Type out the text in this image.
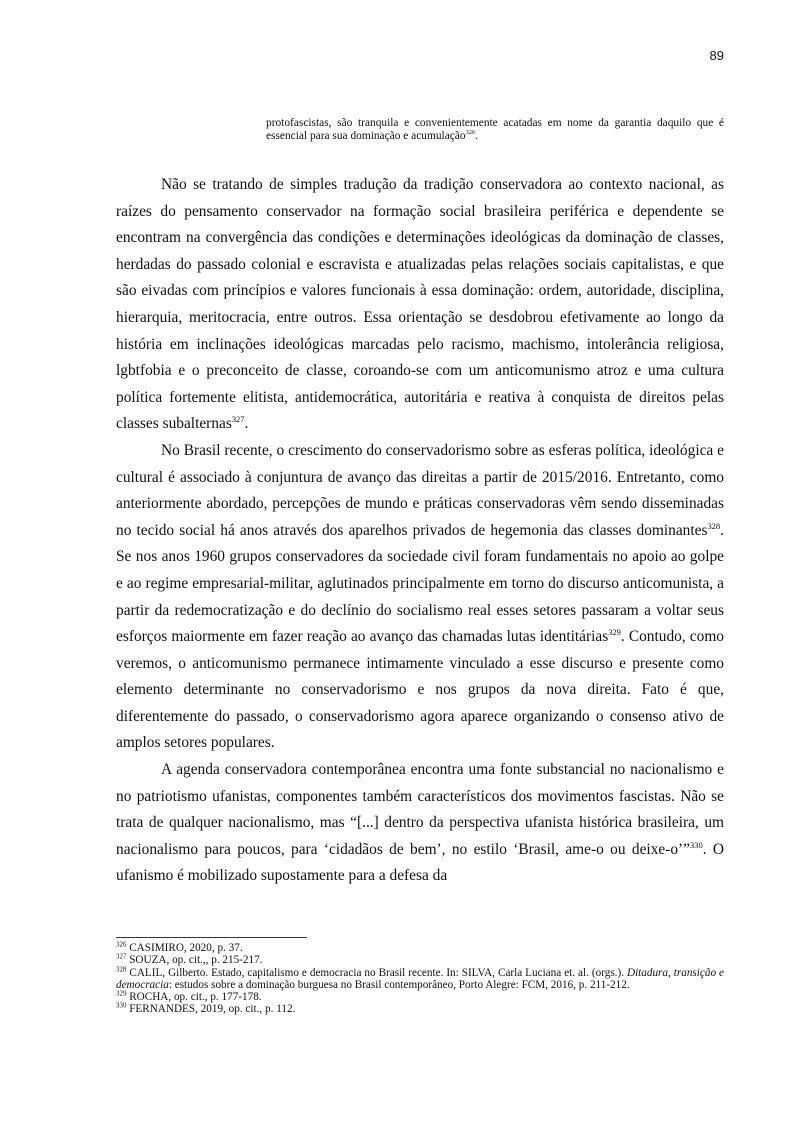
89
protofascistas, são tranquila e convenientemente acatadas em nome da garantia daquilo que é essencial para sua dominação e acumulação$^{326}$.

Não se tratando de simples tradução da tradição conservadora ao contexto nacional, as raízes do pensamento conservador na formação social brasileira periférica e dependente se encontram na convergência das condições e determinações ideológicas da dominação de classes, herdadas do passado colonial e escravista e atualizadas pelas relações sociais capitalistas, e que são eivadas com princípios e valores funcionais à essa dominação: ordem, autoridade, disciplina, hierarquia, meritocracia, entre outros. Essa orientação se desdobrou efetivamente ao longo da história em inclinações ideológicas marcadas pelo racismo, machismo, intolerância religiosa, lgbtfobia e o preconceito de classe, coroando-se com um anticomunismo atroz e uma cultura política fortemente elitista, antidemocrática, autoritária e reativa à conquista de direitos pelas classes subalternas$^{327}$.

No Brasil recente, o crescimento do conservadorismo sobre as esferas política, ideológica e cultural é associado à conjuntura de avanço das direitas a partir de 2015/2016. Entretanto, como anteriormente abordado, percepções de mundo e práticas conservadoras vêm sendo disseminadas no tecido social há anos através dos aparelhos privados de hegemonia das classes dominantes$^{328}$. Se nos anos 1960 grupos conservadores da sociedade civil foram fundamentais no apoio ao golpe e ao regime empresarial-militar, aglutinados principalmente em torno do discurso anticomunista, a partir da redemocratização e do declínio do socialismo real esses setores passaram a voltar seus esforços maiormente em fazer reação ao avanço das chamadas lutas identitárias$^{329}$. Contudo, como veremos, o anticomunismo permanece intimamente vinculado a esse discurso e presente como elemento determinante no conservadorismo e nos grupos da nova direita. Fato é que, diferentemente do passado, o conservadorismo agora aparece organizando o consenso ativo de amplos setores populares.

A agenda conservadora contemporânea encontra uma fonte substancial no nacionalismo e no patriotismo ufanistas, componentes também característicos dos movimentos fascistas. Não se trata de qualquer nacionalismo, mas “[...] dentro da perspectiva ufanista histórica brasileira, um nacionalismo para poucos, para ‘cidadãos de bem’, no estilo ‘Brasil, ame-o ou deixe-o’”$^{330}$. O ufanismo é mobilizado supostamente para a defesa da

$^{326}$ CASIMIRO, 2020, p. 37.

$^{327}$ SOUZA, op. cit.,, p. 215-217.

$^{328}$ CALIL, Gilberto. Estado, capitalismo e democracia no Brasil recente. In: SILVA, Carla Luciana et. al. (orgs.). Ditadura, transição e democracia: estudos sobre a dominação burguesa no Brasil contemporâneo, Porto Alegre: FCM, 2016, p. 211-212.

$^{329}$ ROCHA, op. cit., p. 177-178.

$^{330}$ FERNANDES, 2019, op. cit., p. 112.
